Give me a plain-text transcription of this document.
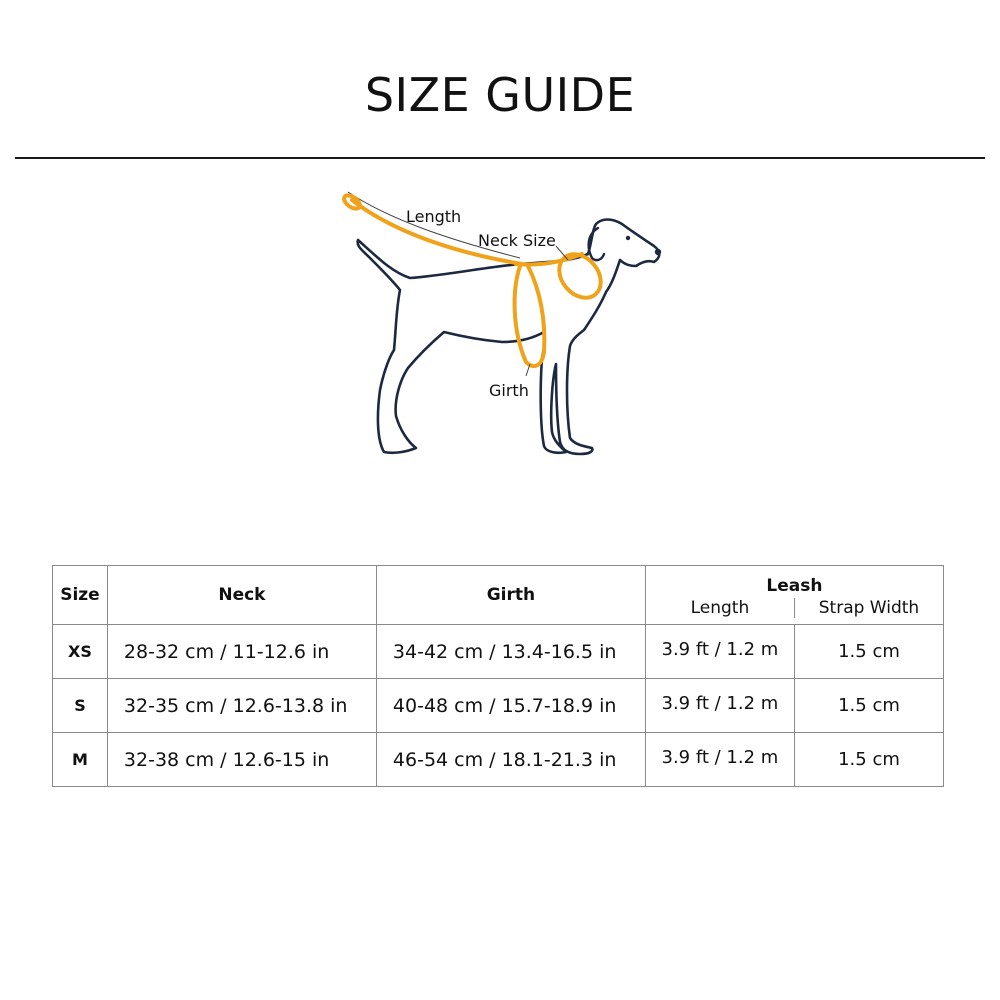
SIZE GUIDE
Length
Neck Size
Girth
Size	Neck	Girth	Leash
Length Strap Width

XS	28-32 cm / 11-12.6 in	34-42 cm / 13.4-16.5 in	3.9 ft / 1.2 m 1.5 cm

S	32-35 cm / 12.6-13.8 in	40-48 cm / 15.7-18.9 in	3.9 ft / 1.2 m 1.5 cm

M	32-38 cm / 12.6-15 in	46-54 cm / 18.1-21.3 in	3.9 ft / 1.2 m 1.5 cm
